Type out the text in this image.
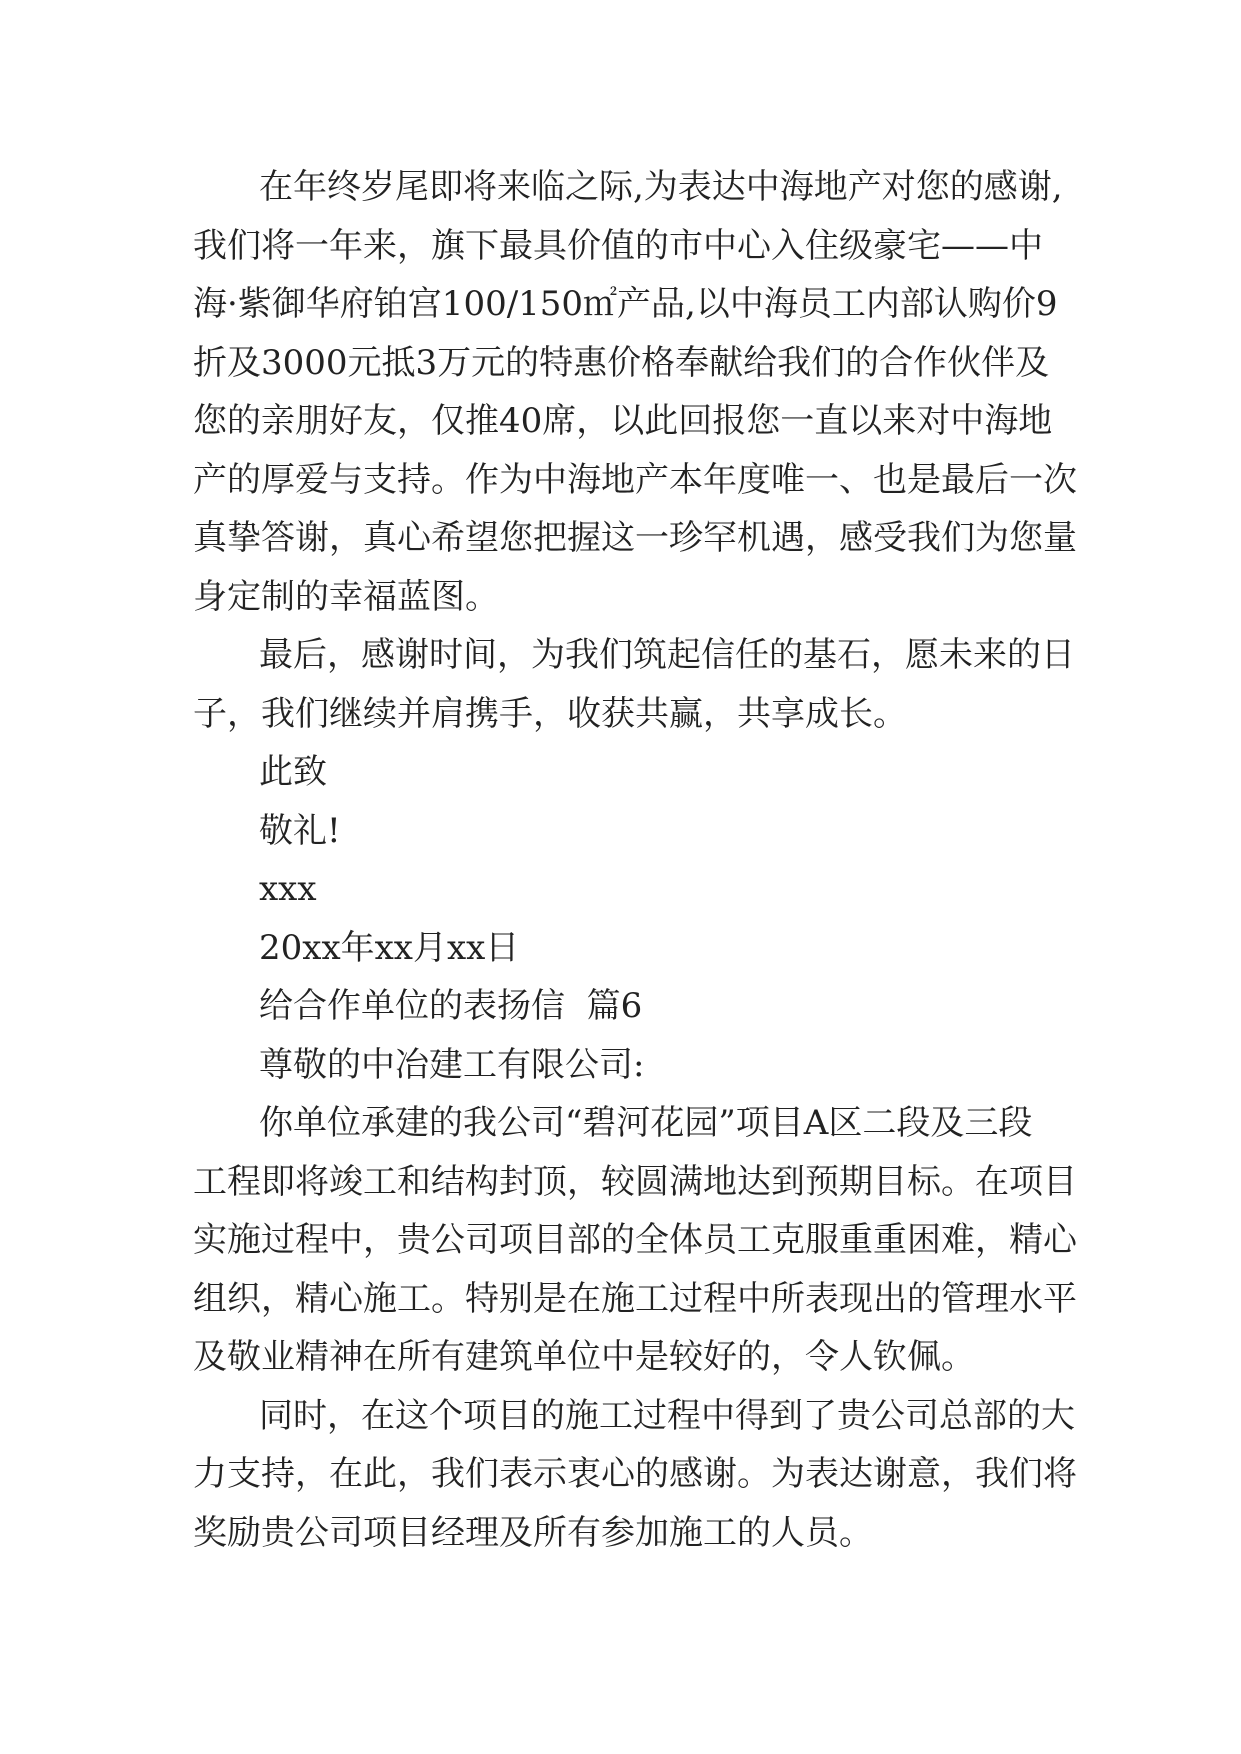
在年终岁尾即将来临之际,为表达中海地产对您的感谢,
我们将一年来，旗下最具价值的市中心入住级豪宅——中
海·紫御华府铂宫100/150㎡产品,以中海员工内部认购价9
折及3000元抵3万元的特惠价格奉献给我们的合作伙伴及
您的亲朋好友，仅推40席，以此回报您一直以来对中海地
产的厚爱与支持。作为中海地产本年度唯一、也是最后一次
真挚答谢，真心希望您把握这一珍罕机遇，感受我们为您量
身定制的幸福蓝图。
最后，感谢时间，为我们筑起信任的基石，愿未来的日
子，我们继续并肩携手，收获共赢，共享成长。
此致
敬礼!
xxx
20xx年xx月xx日
给合作单位的表扬信  篇6
尊敬的中冶建工有限公司:
你单位承建的我公司“碧河花园”项目A区二段及三段
工程即将竣工和结构封顶，较圆满地达到预期目标。在项目
实施过程中，贵公司项目部的全体员工克服重重困难，精心
组织，精心施工。特别是在施工过程中所表现出的管理水平
及敬业精神在所有建筑单位中是较好的，令人钦佩。
同时，在这个项目的施工过程中得到了贵公司总部的大
力支持，在此，我们表示衷心的感谢。为表达谢意，我们将
奖励贵公司项目经理及所有参加施工的人员。
